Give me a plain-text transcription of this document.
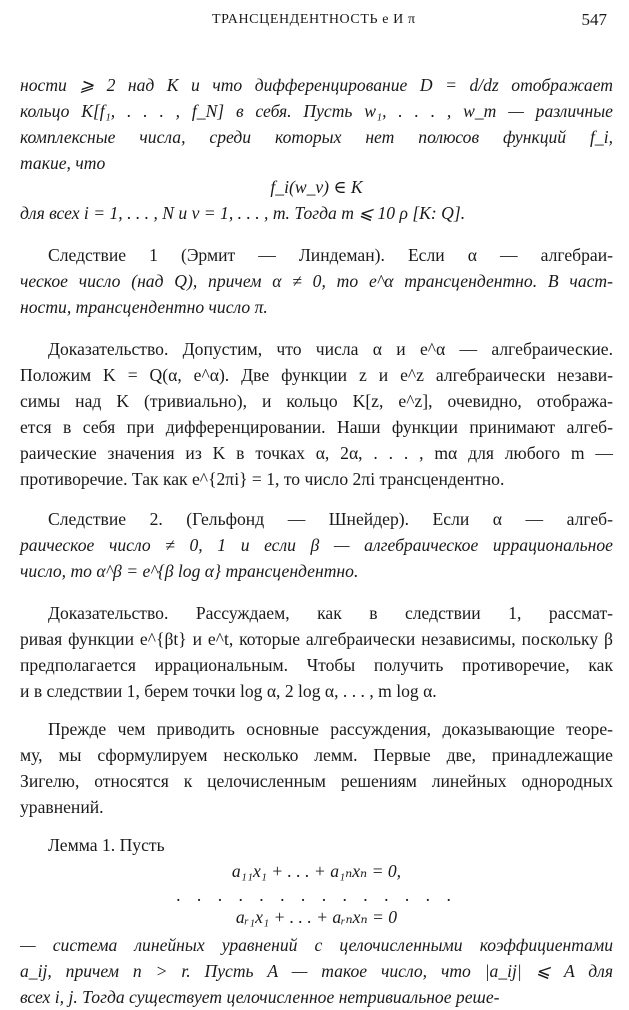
ТРАНСЦЕНДЕНТНОСТЬ e И π	547
ности ⩾ 2 над K и что дифференцирование D = d/dz отображает
кольцо K[f₁, . . . , f_N] в себя. Пусть w₁, . . . , w_m — различные
комплексные числа, среди которых нет полюсов функций f_i,
такие, что
f_i(w_ν) ∈ K
для всех i = 1, . . . , N и ν = 1, . . . , m. Тогда m ⩽ 10 ρ [K: Q].
Следствие 1 (Эрмит — Линдеман). Если α — алгебраи-
ческое число (над Q), причем α ≠ 0, то e^α трансцендентно. В част-
ности, трансцендентно число π.
Доказательство. Допустим, что числа α и e^α — алгебраические.
Положим K = Q(α, e^α). Две функции z и e^z алгебраически незави-
симы над K (тривиально), и кольцо K[z, e^z], очевидно, отобража-
ется в себя при дифференцировании. Наши функции принимают алгеб-
раические значения из K в точках α, 2α, . . . , mα для любого m —
противоречие. Так как e^{2πi} = 1, то число 2πi трансцендентно.
Следствие 2. (Гельфонд — Шнейдер). Если α — алгеб-
раическое число ≠ 0, 1 и если β — алгебраическое иррациональное
число, то α^β = e^{β log α} трансцендентно.
Доказательство. Рассуждаем, как в следствии 1, рассмат-
ривая функции e^{βt} и e^t, которые алгебраически независимы, поскольку β
предполагается иррациональным. Чтобы получить противоречие, как
и в следствии 1, берем точки log α, 2 log α, . . . , m log α.
Прежде чем приводить основные рассуждения, доказывающие теоре-
му, мы сформулируем несколько лемм. Первые две, принадлежащие
Зигелю, относятся к целочисленным решениям линейных однородных
уравнений.
Лемма 1. Пусть
a₁₁x₁ + . . . + a₁ₙxₙ = 0,
. . . . . . . . . . . . . .
aᵣ₁x₁ + . . . + aᵣₙxₙ = 0
— система линейных уравнений с целочисленными коэффициентами
a_ij, причем n > r. Пусть A — такое число, что |a_ij| ⩽ A для
всех i, j. Тогда существует целочисленное нетривиальное реше-
